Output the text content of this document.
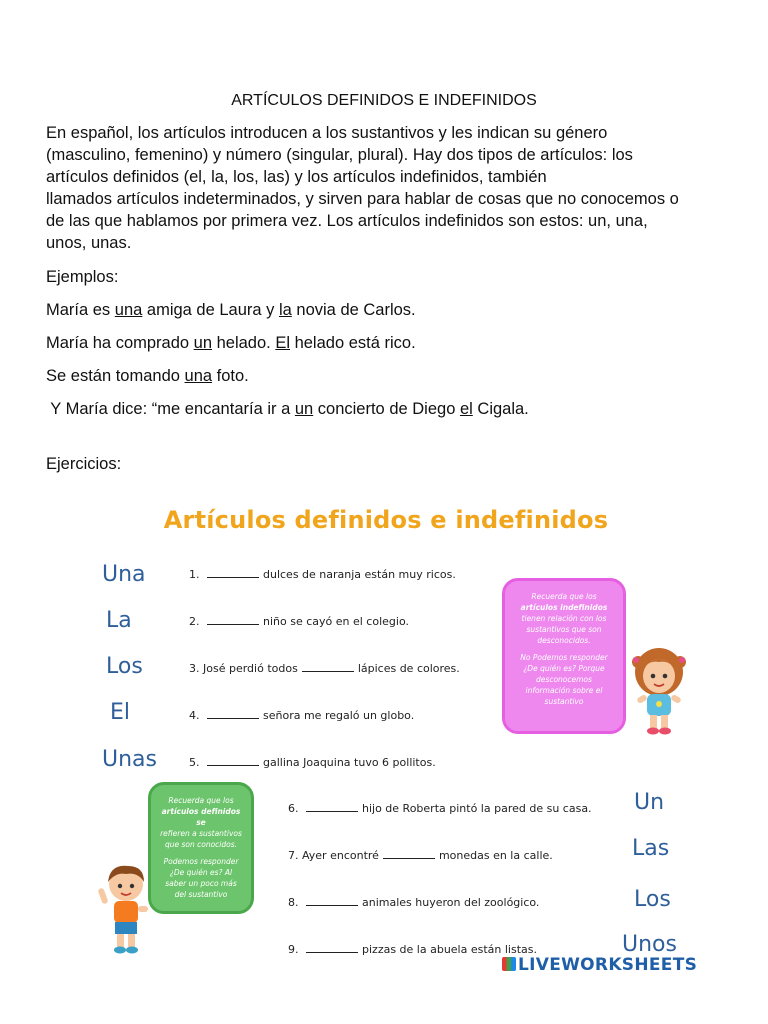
ARTÍCULOS DEFINIDOS E INDEFINIDOS
En español, los artículos introducen a los sustantivos y les indican su género
(masculino, femenino) y número (singular, plural). Hay dos tipos de artículos: los
artículos definidos (el, la, los, las) y los artículos indefinidos, también
llamados artículos indeterminados, y sirven para hablar de cosas que no conocemos o
de las que hablamos por primera vez. Los artículos indefinidos son estos: un, una,
unos, unas.
Ejemplos:
María es una amiga de Laura y la novia de Carlos.
María ha comprado un helado. El helado está rico.
Se están tomando una foto.
Y María dice: “me encantaría ir a un concierto de Diego el Cigala.
Ejercicios:
Artículos definidos e indefinidos
Una
La
Los
El
Unas
Un
Las
Los
Unos
1.	dulces de naranja están muy ricos.
2.	niño se cayó en el colegio.
3. José perdió todos	lápices de colores.
4.	señora me regaló un globo.
5.	gallina Joaquina tuvo 6 pollitos.
6.	hijo de Roberta pintó la pared de su casa.
7. Ayer encontré	monedas en la calle.
8.	animales huyeron del zoológico.
9.	pizzas de la abuela están listas.
Recuerda que los
artículos indefinidos
tienen relación con los
sustantivos que son
desconocidos.
No Podemos responder
¿De quién es? Porque
desconocemos
información sobre el
sustantivo
Recuerda que los
artículos definidos se
refieren a sustantivos
que son conocidos.
Podemos responder
¿De quién es? Al
saber un poco más
del sustantivo
LIVEWORKSHEETS
